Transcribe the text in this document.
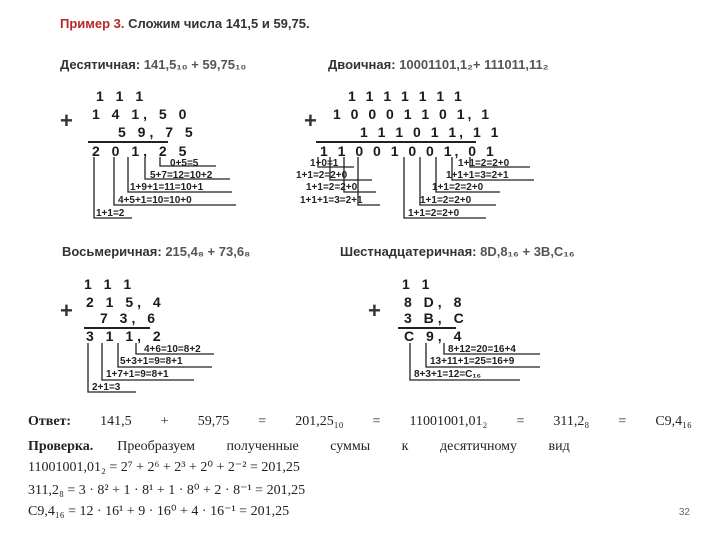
Пример 3. Сложим числа 141,5 и 59,75.
Десятичная: 141,5₁₀ + 59,75₁₀
1 1 1
+ 1 4 1, 5 0
5 9, 7 5
2 0 1, 2 5
0+5=5
5+7=12=10+2
1+9+1=11=10+1
4+5+1=10=10+0
1+1=2
Двоичная: 10001101,1₂+ 111011,11₂
1 1 1 1 1 1 1
+ 1 0 0 0 1 1 0 1, 1
1 1 1 0 1 1, 1 1
1 1 0 0 1 0 0 1, 0 1
1+0=1
1+1=2=2+0
1+1=2=2+0
1+1+1=3=2+1
1+1=2=2+0
1+1+1=3=2+1
1+1=2=2+0
1+1=2=2+0
1+1=2=2+0
Восьмеричная: 215,4₈ + 73,6₈
1 1 1
+ 2 1 5, 4
7 3, 6
3 1 1, 2
4+6=10=8+2
5+3+1=9=8+1
1+7+1=9=8+1
2+1=3
Шестнадцатеричная: 8D,8₁₆ + 3B,C₁₆
1 1
+ 8 D, 8
3 B, C
C 9, 4
8+12=20=16+4
13+11+1=25=16+9
8+3+1=12=C₁₆
Ответ: 141,5 + 59,75 = 201,25₁₀ = 11001001,01₂ = 311,2₈ = C9,4₁₆
Проверка. Преобразуем полученные суммы к десятичному вид
11001001,01₂ = 2⁷ + 2⁶ + 2³ + 2⁰ + 2⁻² = 201,25
311,2₈ = 3 · 8² + 1 · 8¹ + 1 · 8⁰ + 2 · 8⁻¹ = 201,25
C9,4₁₆ = 12 · 16¹ + 9 · 16⁰ + 4 · 16⁻¹ = 201,25	32
